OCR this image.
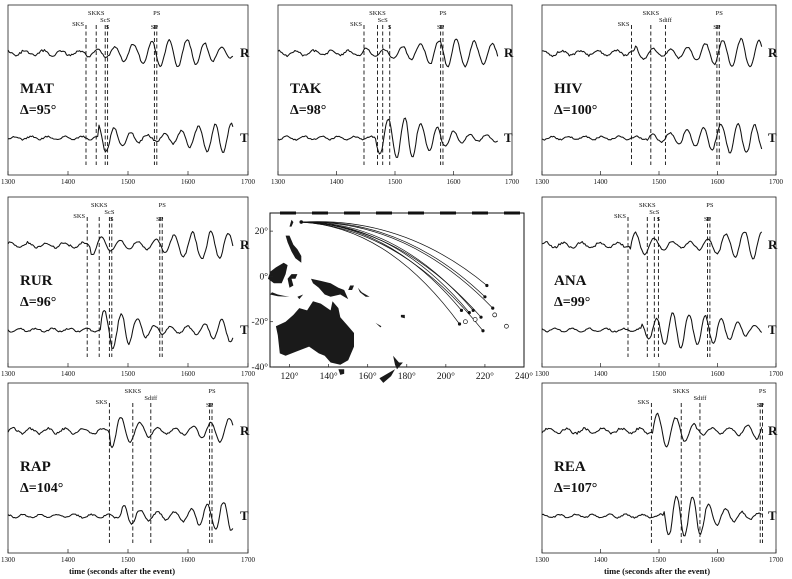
1300	1400	1500	1600	1700
R
T
MAT
Δ=95°
SKS
SKKS
ScS
S
PS
SP
1300	1400	1500	1600	1700
R
T
TAK
Δ=98°
SKS
SKKS
ScS
S
PS
SP
1300	1400	1500	1600	1700
R
T
HIV
Δ=100°
SKS
SKKS
Sdiff
PS
SP
1300	1400	1500	1600	1700
R
T
RUR
Δ=96°
SKS
SKKS
ScS
S
PS
SP
1300	1400	1500	1600	1700
R
T
ANA
Δ=99°
SKS
SKKS
ScS
S
PS
SP
1300	1400	1500	1600	1700
R
T
RAP
Δ=104°
SKS
SKKS
Sdiff
PS
SP
1300	1400	1500	1600	1700
R
T
REA
Δ=107°
SKS
SKKS
Sdiff
PS
SP
120° 140° 160° 180° 200° 220° 240°
20°
0°
-20°
-40°
time (seconds after the event)	time (seconds after the event)
